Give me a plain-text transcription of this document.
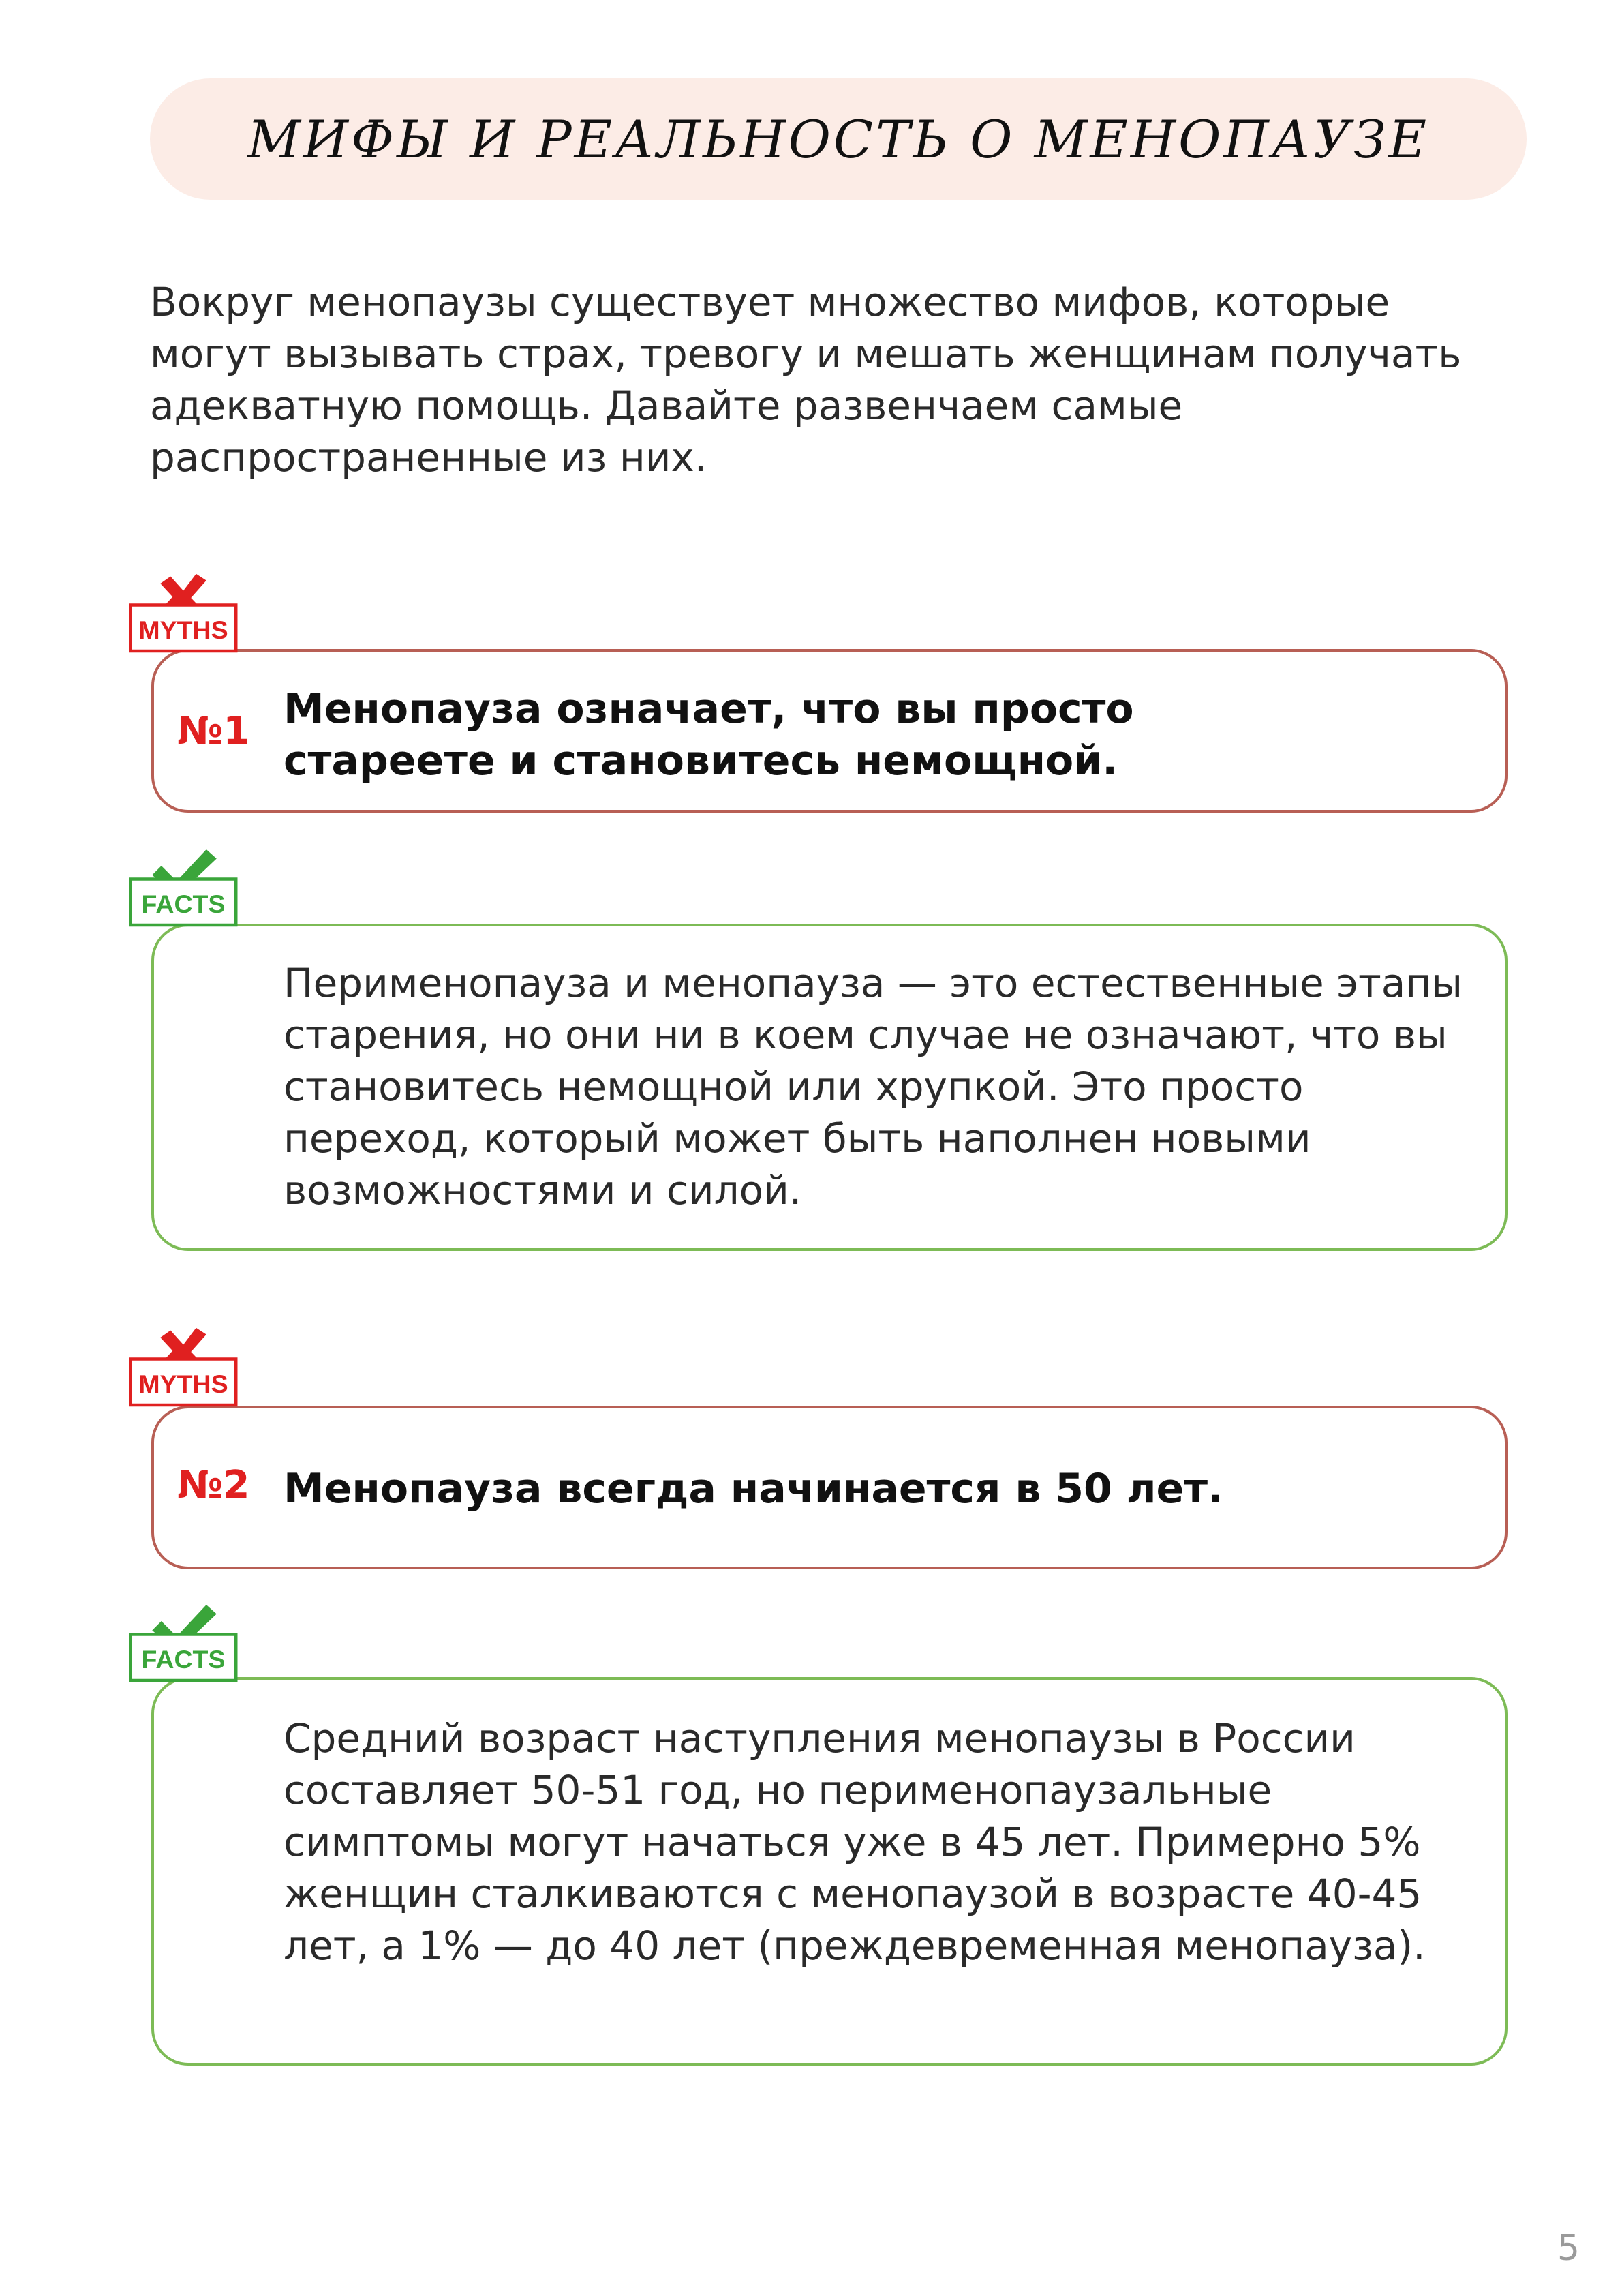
МИФЫ И РЕАЛЬНОСТЬ О МЕНОПАУЗЕ

Вокруг менопаузы существует множество мифов, которые могут вызывать страх, тревогу и мешать женщинам получать адекватную помощь. Давайте развенчаем самые распространенные из них.

№1 Менопауза означает, что вы просто стареете и становитесь немощной.

MYTHS

Перименопауза и менопауза — это естественные этапы старения, но они ни в коем случае не означают, что вы становитесь немощной или хрупкой. Это просто переход, который может быть наполнен новыми возможностями и силой.

FACTS
№2 Менопауза всегда начинается в 50 лет.

MYTHS

Средний возраст наступления менопаузы в России составляет 50-51 год, но перименопаузальные симптомы могут начаться уже в 45 лет. Примерно 5% женщин сталкиваются с менопаузой в возрасте 40-45 лет, а 1% — до 40 лет (преждевременная менопауза).

FACTS
5
